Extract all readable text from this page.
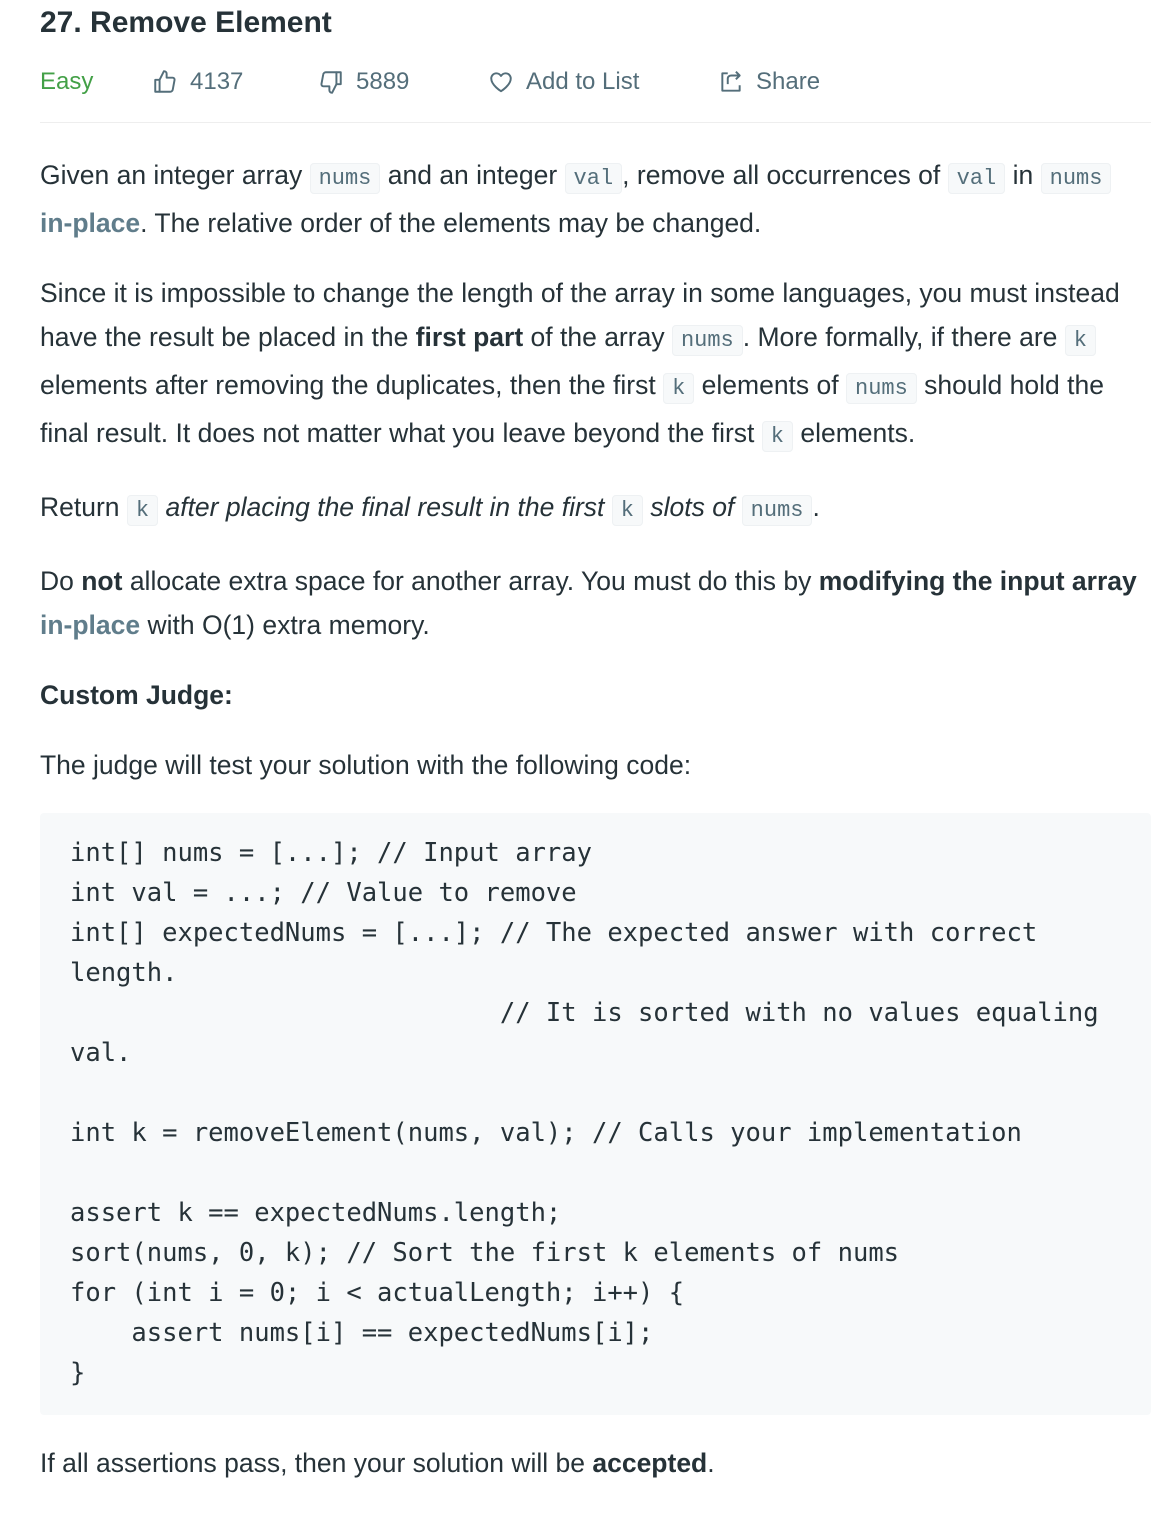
27. Remove Element
Easy	4137	5889	Add to List	Share

Given an integer array nums and an integer val , remove all occurrences of val in nums in-place. The relative order of the elements may be changed.

Since it is impossible to change the length of the array in some languages, you must instead have the result be placed in the first part of the array nums . More formally, if there are k elements after removing the duplicates, then the first k elements of nums should hold the final result. It does not matter what you leave beyond the first k elements.

Return k after placing the final result in the first k slots of nums .

Do not allocate extra space for another array. You must do this by modifying the input array in-place with O(1) extra memory.

Custom Judge:

The judge will test your solution with the following code:

int[] nums = [...]; // Input array
int val = ...; // Value to remove
int[] expectedNums = [...]; // The expected answer with correct
length.
// It is sorted with no values equaling
val.

int k = removeElement(nums, val); // Calls your implementation

assert k == expectedNums.length;
sort(nums, 0, k); // Sort the first k elements of nums
for (int i = 0; i < actualLength; i++) {
assert nums[i] == expectedNums[i];
}

If all assertions pass, then your solution will be accepted.
